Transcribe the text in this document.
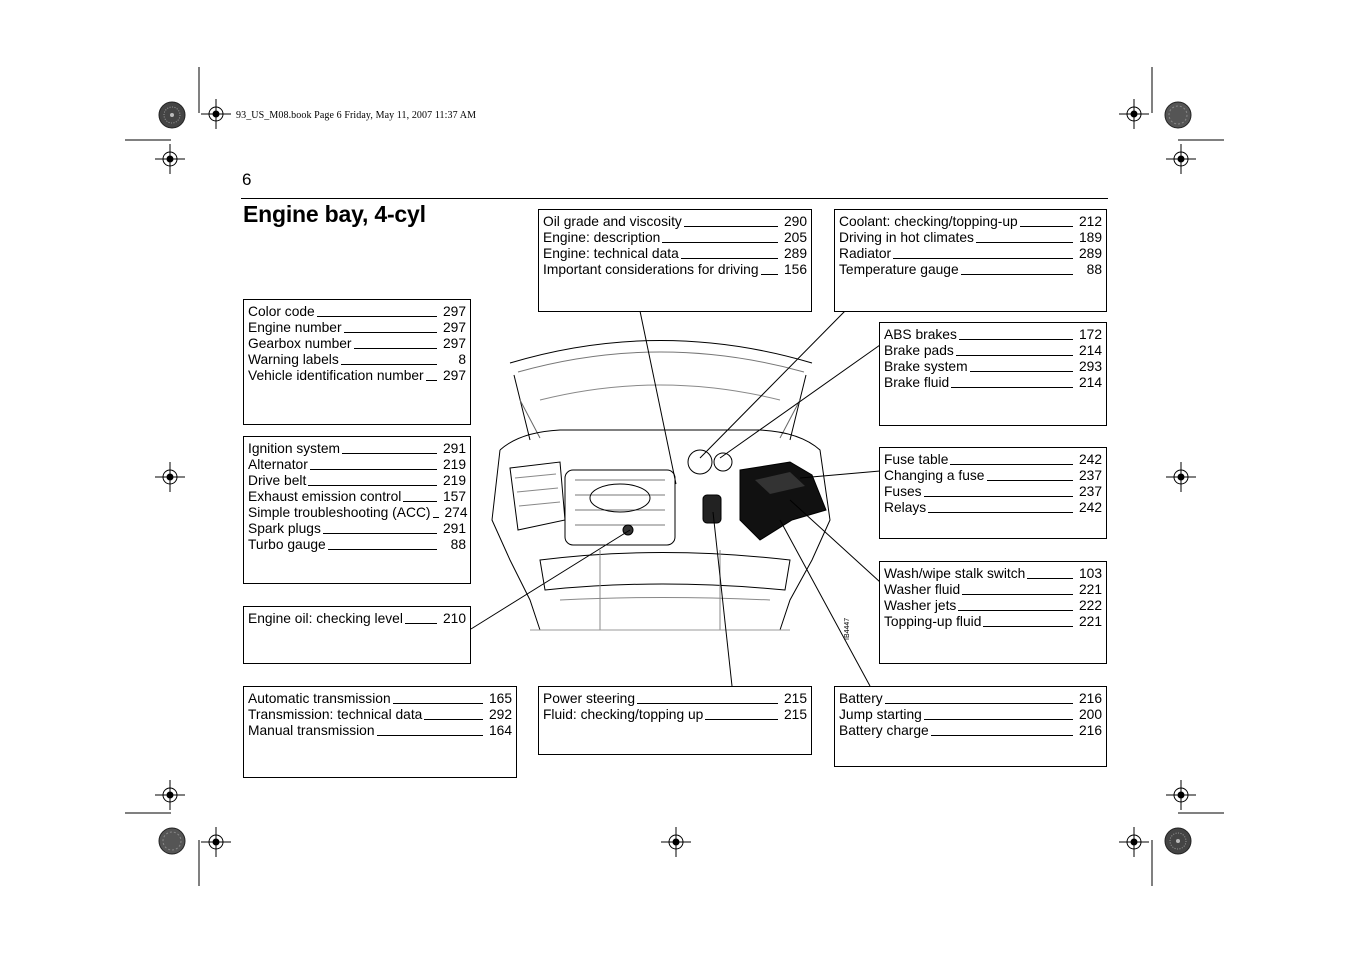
93_US_M08.book Page 6 Friday, May 11, 2007 11:37 AM
6
Engine bay, 4-cyl
IB4447
Color code	297
Engine number	297
Gearbox number	297
Warning labels	8
Vehicle identification number 297
Ignition system	291
Alternator	219
Drive belt	219
Exhaust emission control	157
Simple troubleshooting (ACC) 274
Spark plugs	291
Turbo gauge	88
Engine oil: checking level	210
Automatic transmission	165
Transmission: technical data	292
Manual transmission	164
Oil grade and viscosity	290
Engine: description	205
Engine: technical data	289
Important considerations for driving 156
Power steering	215
Fluid: checking/topping up	215
Coolant: checking/topping-up	212
Driving in hot climates	189
Radiator	289
Temperature gauge	88
ABS brakes	172
Brake pads	214
Brake system	293
Brake fluid	214
Fuse table	242
Changing a fuse	237
Fuses	237
Relays	242
Wash/wipe stalk switch	103
Washer fluid	221
Washer jets	222
Topping-up fluid	221
Battery	216
Jump starting	200
Battery charge	216
